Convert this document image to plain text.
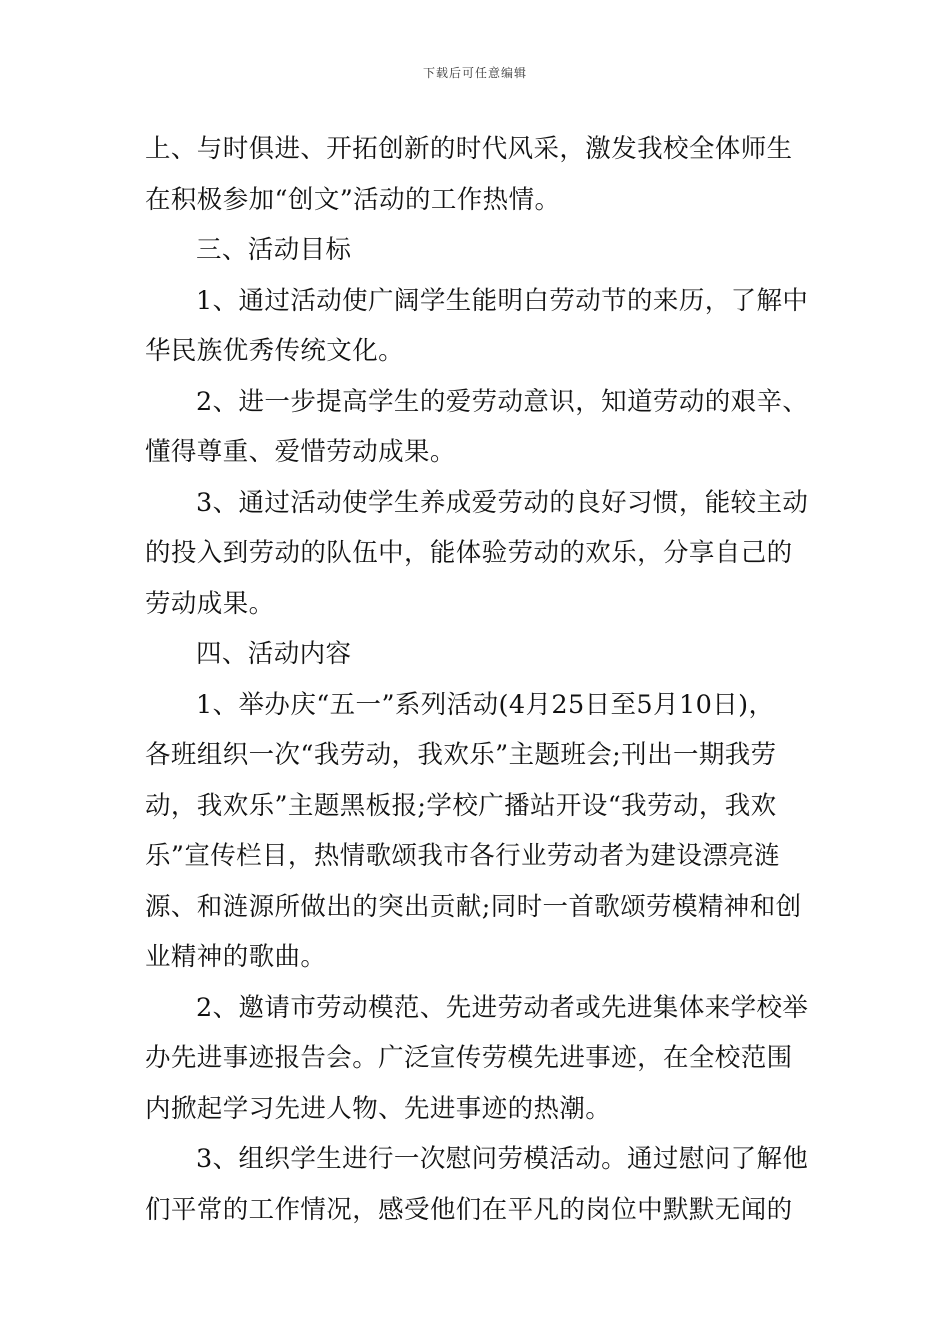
下载后可任意编辑
上、与时俱进、开拓创新的时代风采，激发我校全体师生
在积极参加“创文”活动的工作热情。
三、活动目标
1、通过活动使广阔学生能明白劳动节的来历，了解中
华民族优秀传统文化。
2、进一步提高学生的爱劳动意识，知道劳动的艰辛、
懂得尊重、爱惜劳动成果。
3、通过活动使学生养成爱劳动的良好习惯，能较主动
的投入到劳动的队伍中，能体验劳动的欢乐，分享自己的
劳动成果。
四、活动内容
1、举办庆“五一”系列活动(4月25日至5月10日)，
各班组织一次“我劳动，我欢乐”主题班会;刊出一期我劳
动，我欢乐”主题黑板报;学校广播站开设“我劳动，我欢
乐”宣传栏目，热情歌颂我市各行业劳动者为建设漂亮涟
源、和涟源所做出的突出贡献;同时一首歌颂劳模精神和创
业精神的歌曲。
2、邀请市劳动模范、先进劳动者或先进集体来学校举
办先进事迹报告会。广泛宣传劳模先进事迹，在全校范围
内掀起学习先进人物、先进事迹的热潮。
3、组织学生进行一次慰问劳模活动。通过慰问了解他
们平常的工作情况，感受他们在平凡的岗位中默默无闻的
